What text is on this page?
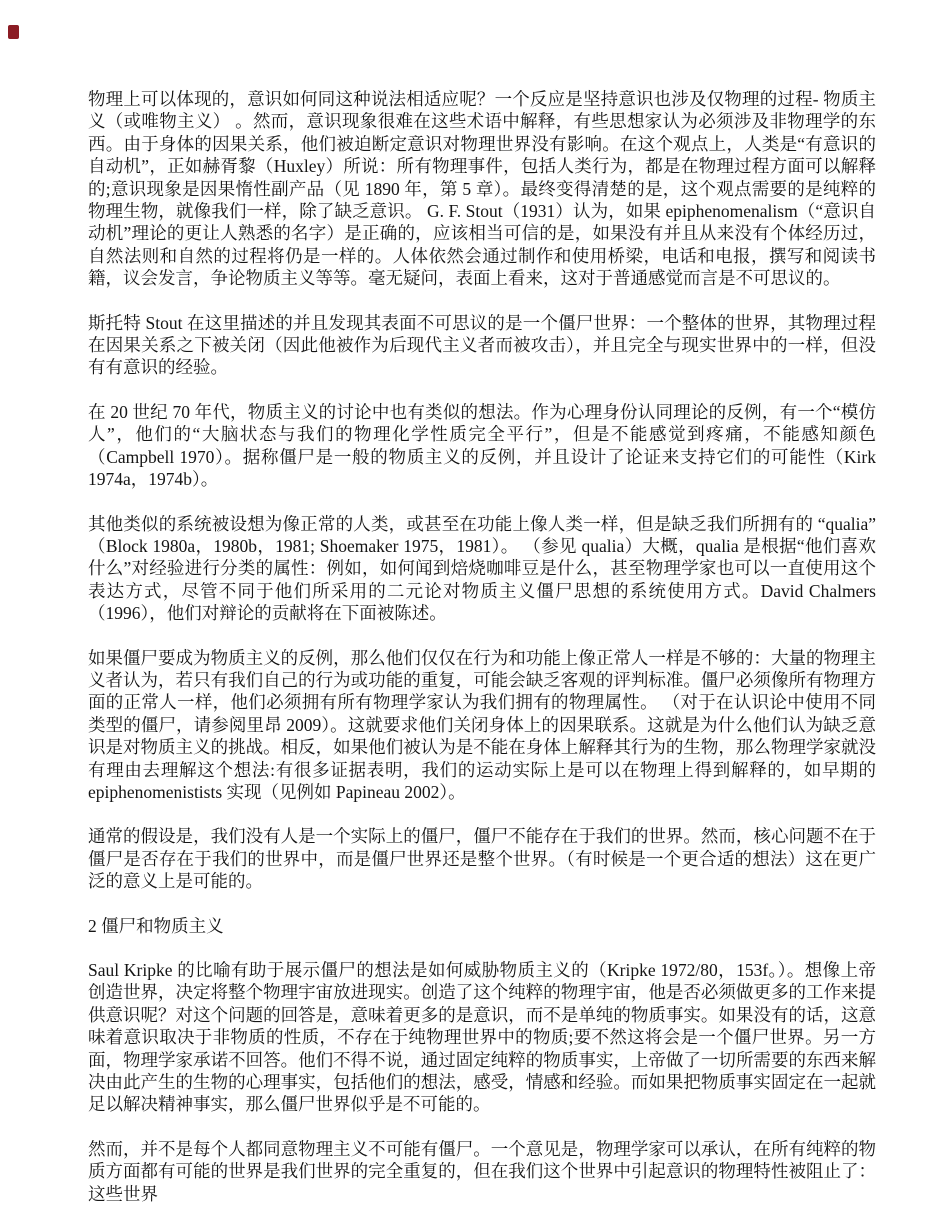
物理上可以体现的，意识如何同这种说法相适应呢？一个反应是坚持意识也涉及仅物理的过程- 物质主义（或唯物主义） 。然而，意识现象很难在这些术语中解释，有些思想家认为必须涉及非物理学的东西。由于身体的因果关系，他们被迫断定意识对物理世界没有影响。在这个观点上，人类是“有意识的自动机”，正如赫胥黎（Huxley）所说：所有物理事件，包括人类行为，都是在物理过程方面可以解释的;意识现象是因果惰性副产品（见 1890 年，第 5 章）。最终变得清楚的是，这个观点需要的是纯粹的物理生物，就像我们一样，除了缺乏意识。 G. F. Stout（1931）认为，如果 epiphenomenalism（“意识自动机”理论的更让人熟悉的名字）是正确的，应该相当可信的是，如果没有并且从来没有个体经历过，自然法则和自然的过程将仍是一样的。人体依然会通过制作和使用桥梁，电话和电报，撰写和阅读书籍，议会发言，争论物质主义等等。毫无疑问，表面上看来，这对于普通感觉而言是不可思议的。

斯托特 Stout 在这里描述的并且发现其表面不可思议的是一个僵尸世界：一个整体的世界，其物理过程在因果关系之下被关闭（因此他被作为后现代主义者而被攻击），并且完全与现实世界中的一样，但没有有意识的经验。

在 20 世纪 70 年代，物质主义的讨论中也有类似的想法。作为心理身份认同理论的反例，有一个“模仿人”，他们的“大脑状态与我们的物理化学性质完全平行”，但是不能感觉到疼痛，不能感知颜色（Campbell 1970）。据称僵尸是一般的物质主义的反例，并且设计了论证来支持它们的可能性（Kirk 1974a，1974b）。

其他类似的系统被设想为像正常的人类，或甚至在功能上像人类一样，但是缺乏我们所拥有的 “qualia”（Block 1980a，1980b，1981; Shoemaker 1975，1981）。 （参见 qualia）大概，qualia 是根据“他们喜欢什么”对经验进行分类的属性：例如，如何闻到焙烧咖啡豆是什么，甚至物理学家也可以一直使用这个表达方式，尽管不同于他们所采用的二元论对物质主义僵尸思想的系统使用方式。David Chalmers（1996），他们对辩论的贡献将在下面被陈述。

如果僵尸要成为物质主义的反例，那么他们仅仅在行为和功能上像正常人一样是不够的：大量的物理主义者认为，若只有我们自己的行为或功能的重复，可能会缺乏客观的评判标准。僵尸必须像所有物理方面的正常人一样，他们必须拥有所有物理学家认为我们拥有的物理属性。 （对于在认识论中使用不同类型的僵尸，请参阅里昂 2009）。这就要求他们关闭身体上的因果联系。这就是为什么他们认为缺乏意识是对物质主义的挑战。相反，如果他们被认为是不能在身体上解释其行为的生物，那么物理学家就没有理由去理解这个想法:有很多证据表明，我们的运动实际上是可以在物理上得到解释的，如早期的 epiphenomenistists 实现（见例如 Papineau 2002）。

通常的假设是，我们没有人是一个实际上的僵尸，僵尸不能存在于我们的世界。然而，核心问题不在于僵尸是否存在于我们的世界中，而是僵尸世界还是整个世界。（有时候是一个更合适的想法）这在更广泛的意义上是可能的。

2 僵尸和物质主义

Saul Kripke 的比喻有助于展示僵尸的想法是如何威胁物质主义的（Kripke 1972/80，153f。）。想像上帝创造世界，决定将整个物理宇宙放进现实。创造了这个纯粹的物理宇宙，他是否必须做更多的工作来提供意识呢？对这个问题的回答是，意味着更多的是意识，而不是单纯的物质事实。如果没有的话，这意味着意识取决于非物质的性质，不存在于纯物理世界中的物质;要不然这将会是一个僵尸世界。另一方面，物理学家承诺不回答。他们不得不说，通过固定纯粹的物质事实，上帝做了一切所需要的东西来解决由此产生的生物的心理事实，包括他们的想法，感受，情感和经验。而如果把物质事实固定在一起就足以解决精神事实，那么僵尸世界似乎是不可能的。

然而，并不是每个人都同意物理主义不可能有僵尸。一个意见是，物理学家可以承认，在所有纯粹的物质方面都有可能的世界是我们世界的完全重复的，但在我们这个世界中引起意识的物理特性被阻止了：这些世界
